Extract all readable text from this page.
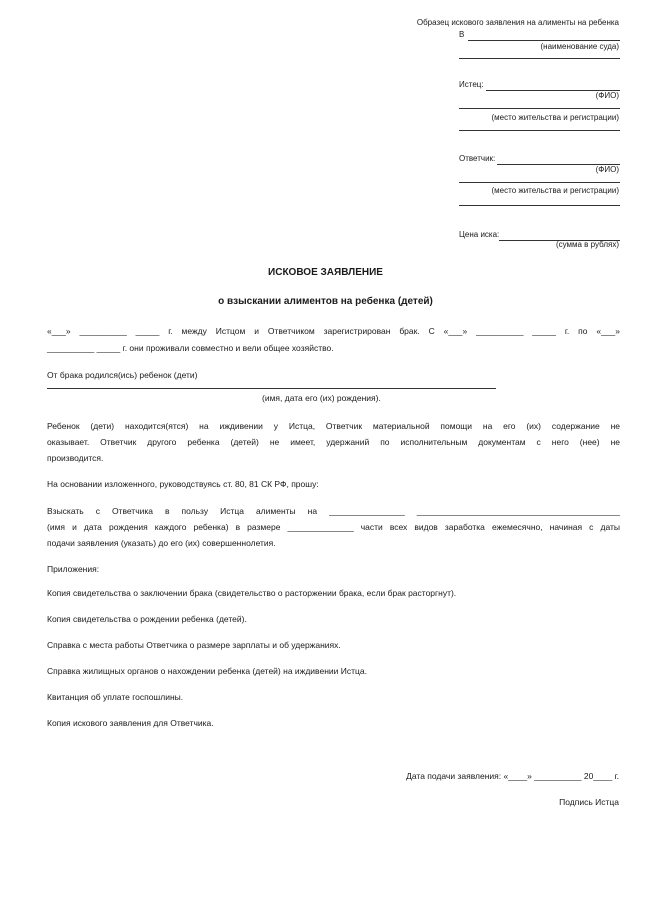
Образец искового заявления на алименты на ребенка
В
(наименование суда)
Истец:
(ФИО)
(место жительства и регистрации)
Ответчик:
(ФИО)
(место жительства и регистрации)
Цена иска:
(сумма в рублях)
ИСКОВОЕ ЗАЯВЛЕНИЕ
о взыскании алиментов на ребенка (детей)
«___» __________ _____ г. между Истцом и Ответчиком зарегистрирован брак. С «___» __________ _____ г. по «___»
__________ _____ г. они проживали совместно и вели общее хозяйство.
От брака родился(ись) ребенок (дети)
(имя, дата его (их) рождения).
Ребенок (дети) находится(ятся) на иждивении у Истца, Ответчик материальной помощи на его (их) содержание не
оказывает. Ответчик другого ребенка (детей) не имеет, удержаний по исполнительным документам с него (нее) не
производится.
На основании изложенного, руководствуясь ст. 80, 81 СК РФ, прошу:
Взыскать с Ответчика в пользу Истца алименты на ________________ ___________________________________________
(имя и дата рождения каждого ребенка) в размере ______________ части всех видов заработка ежемесячно, начиная с даты
подачи заявления (указать) до его (их) совершеннолетия.
Приложения:
Копия свидетельства о заключении брака (свидетельство о расторжении брака, если брак расторгнут).
Копия свидетельства о рождении ребенка (детей).
Справка с места работы Ответчика о размере зарплаты и об удержаниях.
Справка жилищных органов о нахождении ребенка (детей) на иждивении Истца.
Квитанция об уплате госпошлины.
Копия искового заявления для Ответчика.
Дата подачи заявления: «____» __________ 20____ г.
Подпись Истца
